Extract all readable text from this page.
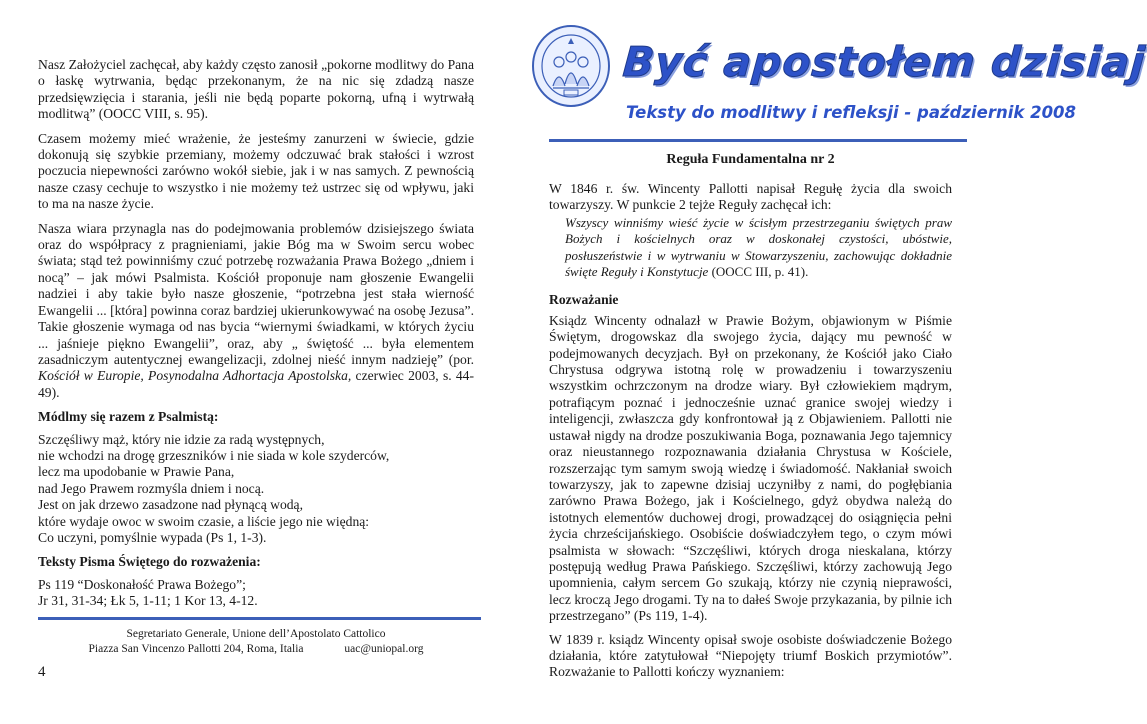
Nasz Założyciel zachęcał, aby każdy często zanosił „pokorne modlitwy do Pana o łaskę wytrwania, będąc przekonanym, że na nic się zdadzą nasze przedsięwzięcia i starania, jeśli nie będą poparte pokorną, ufną i wytrwałą modlitwą” (OOCC VIII, s. 95).

Czasem możemy mieć wrażenie, że jesteśmy zanurzeni w świecie, gdzie dokonują się szybkie przemiany, możemy odczuwać brak stałości i wzrost poczucia niepewności zarówno wokół siebie, jak i w nas samych. Z pewnością nasze czasy cechuje to wszystko i nie możemy też ustrzec się od wpływu, jaki to ma na nasze życie.

Nasza wiara przynagla nas do podejmowania problemów dzisiejszego świata oraz do współpracy z pragnieniami, jakie Bóg ma w Swoim sercu wobec świata; stąd też powinniśmy czuć potrzebę rozważania Prawa Bożego „dniem i nocą” – jak mówi Psalmista. Kościół proponuje nam głoszenie Ewangelii nadziei i aby takie było nasze głoszenie, “potrzebna jest stała wierność Ewangelii ... [która] powinna coraz bardziej ukierunkowywać na osobę Jezusa”. Takie głoszenie wymaga od nas bycia “wiernymi świadkami, w których życiu ... jaśnieje piękno Ewangelii”, oraz, aby „ świętość ... była elementem zasadniczym autentycznej ewangelizacji, zdolnej nieść innym nadzieję” (por. Kościół w Europie, Posynodalna Adhortacja Apostolska, czerwiec 2003, s. 44-49).

Módlmy się razem z Psalmistą:
Szczęśliwy mąż, który nie idzie za radą występnych,
nie wchodzi na drogę grzeszników i nie siada w kole szyderców,
lecz ma upodobanie w Prawie Pana,
nad Jego Prawem rozmyśla dniem i nocą.
Jest on jak drzewo zasadzone nad płynącą wodą,
które wydaje owoc w swoim czasie, a liście jego nie więdną:
Co uczyni, pomyślnie wypada (Ps 1, 1-3).
Teksty Pisma Świętego do rozważenia:
Ps 119 “Doskonałość Prawa Bożego”;
Jr 31, 31-34; Łk 5, 1-11; 1 Kor 13, 4-12.
Segretariato Generale, Unione dell’Apostolato Cattolico
Piazza San Vincenzo Pallotti 204, Roma, Italia	uac@uniopal.org
4
Być apostołem dzisiaj
Teksty do modlitwy i refleksji - październik 2008
Reguła Fundamentalna nr 2

W 1846 r. św. Wincenty Pallotti napisał Regułę życia dla swoich towarzyszy. W punkcie 2 tejże Reguły zachęcał ich:

Wszyscy winniśmy wieść życie w ścisłym przestrzeganiu świętych praw Bożych i kościelnych oraz w doskonałej czystości, ubóstwie, posłuszeństwie i w wytrwaniu w Stowarzyszeniu, zachowując dokładnie święte Reguły i Konstytucje (OOCC III, p. 41).

Rozważanie

Ksiądz Wincenty odnalazł w Prawie Bożym, objawionym w Piśmie Świętym, drogowskaz dla swojego życia, dający mu pewność w podejmowanych decyzjach. Był on przekonany, że Kościół jako Ciało Chrystusa odgrywa istotną rolę w prowadzeniu i towarzyszeniu wszystkim ochrzczonym na drodze wiary. Był człowiekiem mądrym, potrafiącym poznać i jednocześnie uznać granice swojej wiedzy i inteligencji, zwłaszcza gdy konfrontował ją z Objawieniem. Pallotti nie ustawał nigdy na drodze poszukiwania Boga, poznawania Jego tajemnicy oraz nieustannego rozpoznawania działania Chrystusa w Kościele, rozszerzając tym samym swoją wiedzę i świadomość. Nakłaniał swoich towarzyszy, jak to zapewne dzisiaj uczyniłby z nami, do pogłębiania zarówno Prawa Bożego, jak i Kościelnego, gdyż obydwa należą do istotnych elementów duchowej drogi, prowadzącej do osiągnięcia pełni życia chrześcijańskiego. Osobiście doświadczyłem tego, o czym mówi psalmista w słowach: “Szczęśliwi, których droga nieskalana, którzy postępują według Prawa Pańskiego. Szczęśliwi, którzy zachowują Jego upomnienia, całym sercem Go szukają, którzy nie czynią nieprawości, lecz kroczą Jego drogami. Ty na to dałeś Swoje przykazania, by pilnie ich przestrzegano” (Ps 119, 1-4).

W 1839 r. ksiądz Wincenty opisał swoje osobiste doświadczenie Bożego działania, które zatytułował “Niepojęty triumf Boskich przymiotów”. Rozważanie to Pallotti kończy wyznaniem:
